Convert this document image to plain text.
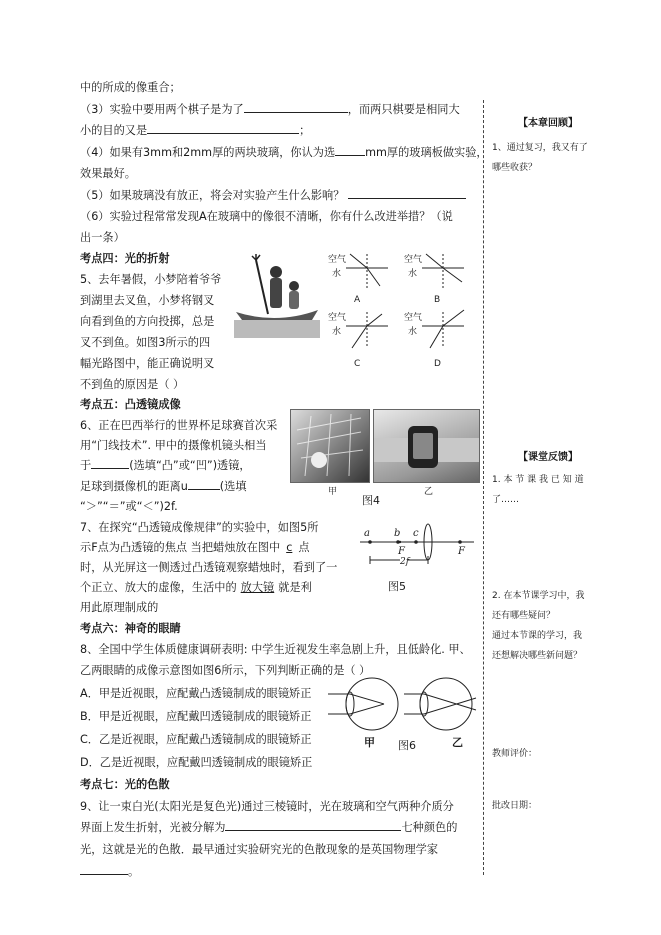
中的所成的像重合；
（3）实验中要用两个棋子是为了	，而两只棋要是相同大
小的目的又是	；
（4）如果有3mm和2mm厚的两块玻璃，你认为选	mm厚的玻璃板做实验，
效果最好。
（5）如果玻璃没有放正，将会对实验产生什么影响？
（6）实验过程常常发现A在玻璃中的像很不清晰，你有什么改进举措？（说
出一条）
考点四：光的折射
5、去年暑假，小梦陪着爷爷
到湖里去叉鱼，小梦将钢叉
向看到鱼的方向投掷，总是
叉不到鱼。如图3所示的四
幅光路图中，能正确说明叉
不到鱼的原因是（ ）
考点五：凸透镜成像
6、正在巴西举行的世界杯足球赛首次采
用“门线技术”. 甲中的摄像机镜头相当
于	(选填“凸”或“凹”)透镜，
足球到摄像机的距离u	(选填
“＞”“＝”或“＜”)2f.
7、在探究“凸透镜成像规律”的实验中，如图5所
示F点为凸透镜的焦点 当把蜡烛放在图中 c 点
时，从光屏这一侧透过凸透镜观察蜡烛时，看到了一
个正立、放大的虚像，生活中的 放大镜 就是利
用此原理制成的
考点六：神奇的眼睛
8、全国中学生体质健康调研表明: 中学生近视发生率急剧上升，且低龄化. 甲、
乙两眼睛的成像示意图如图6所示，下列判断正确的是（ ）
A．甲是近视眼，应配戴凸透镜制成的眼镜矫正
B．甲是近视眼，应配戴凹透镜制成的眼镜矫正
C．乙是近视眼，应配戴凸透镜制成的眼镜矫正
D．乙是近视眼，应配戴凹透镜制成的眼镜矫正
考点七：光的色散
9、让一束白光(太阳光是复色光)通过三棱镜时，光在玻璃和空气两种介质分
界面上发生折射，光被分解为	七种颜色的
光，这就是光的色散．最早通过实验研究光的色散现象的是英国物理学家
。
空气
水
空气
水
空气
水
空气
水
A	B
C	D
甲	乙
图4
a b c
F	F
2f
图5
甲 图6	乙
【本章回顾】
1、通过复习，我又有了
哪些收获？
【课堂反馈】
1. 本 节 课 我 已 知 道
了……
2. 在本节课学习中，我
还有哪些疑问？
通过本节课的学习，我
还想解决哪些新问题？
教师评价：
批改日期：
